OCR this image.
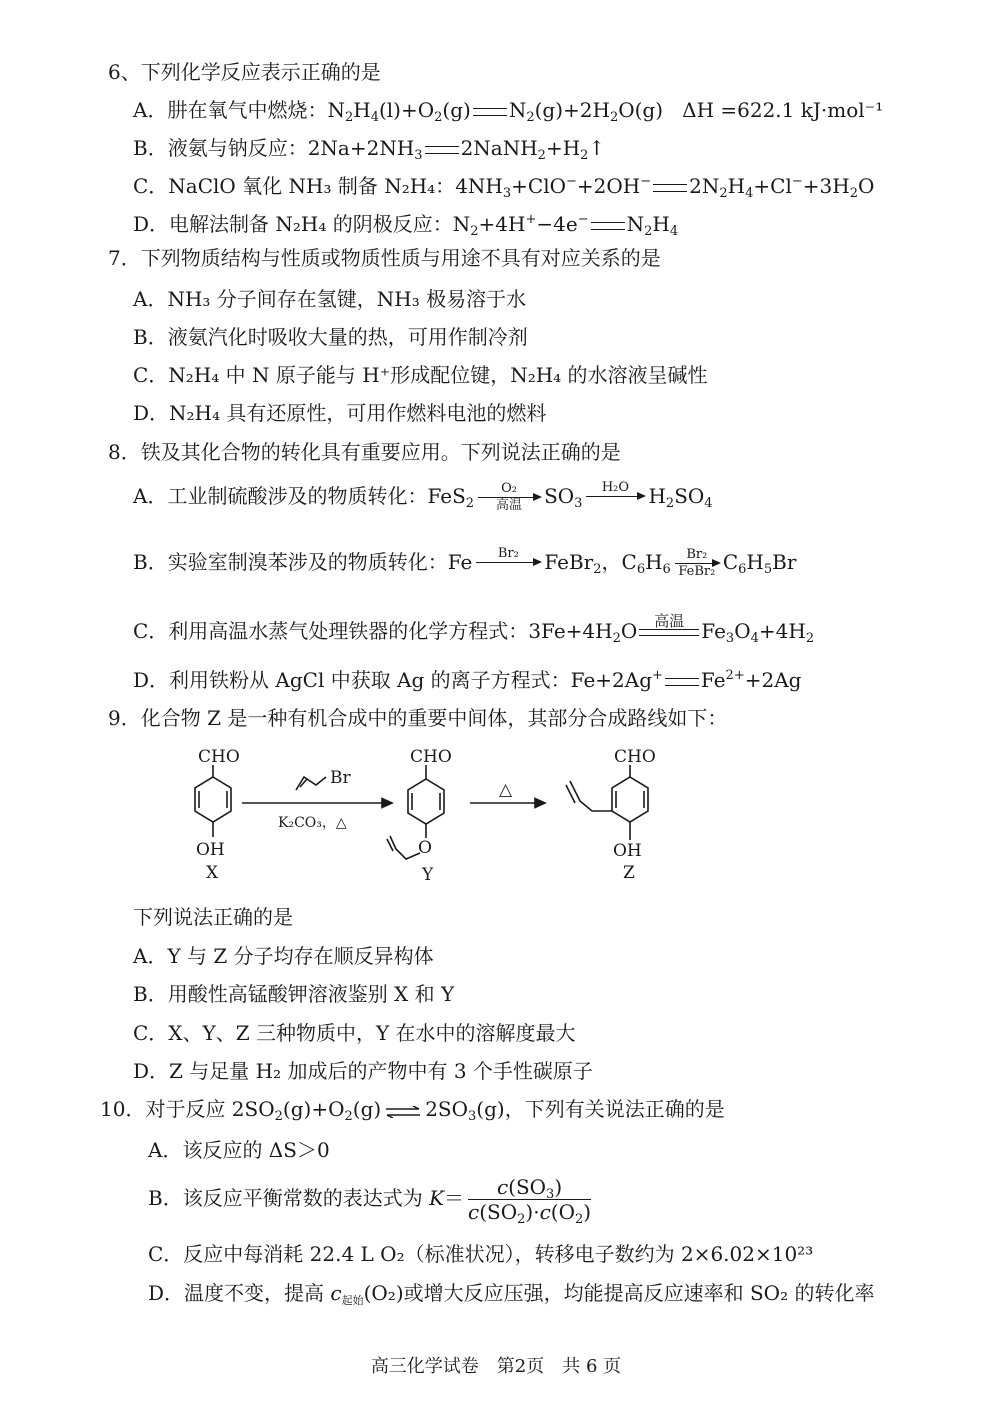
6、下列化学反应表示正确的是
A．肼在氧气中燃烧：$N_2H_4(l)+O_2(g)$ $N_2(g)+2H_2O(g)$   ΔH =622.1 kJ·mol⁻¹
B．液氨与钠反应：$2Na+2NH_3$ $2NaNH_2+H_2↑$
C．NaClO 氧化 NH₃ 制备 N₂H₄：$4NH_3+ClO^-+2OH^-$ $2N_2H_4+Cl^-+3H_2O$
D．电解法制备 N₂H₄ 的阴极反应：$N_2+4H^+-4e^-$ $N_2H_4$
7．下列物质结构与性质或物质性质与用途不具有对应关系的是
A．NH₃ 分子间存在氢键，NH₃ 极易溶于水
B．液氨汽化时吸收大量的热，可用作制冷剂
C．N₂H₄ 中 N 原子能与 H⁺形成配位键，N₂H₄ 的水溶液呈碱性
D．N₂H₄ 具有还原性，可用作燃料电池的燃料
8．铁及其化合物的转化具有重要应用。下列说法正确的是
A．工业制硫酸涉及的物质转化：FeS$_2$
O₂
高温	$SO_3$
H₂O $H_2SO_4$
B．实验室制溴苯涉及的物质转化：Fe	Br₂	FeBr$_2$，$C_6H_6$
Br₂
FeBr₂ $C_6H_5Br$
C．利用高温水蒸气处理铁器的化学方程式：$3Fe+4H_2O$	高温 $Fe_3O_4+4H_2$
D．利用铁粉从 AgCl 中获取 Ag 的离子方程式：Fe+2Ag+ $Fe^{2+}+2Ag$
9．化合物 Z 是一种有机合成中的重要中间体，其部分合成路线如下：
CHO
OH
X
Br
K₂CO₃，△
CHO
O
Y
△
CHO
OH
Z
下列说法正确的是
A．Y 与 Z 分子均存在顺反异构体
B．用酸性高锰酸钾溶液鉴别 X 和 Y
C．X、Y、Z 三种物质中，Y 在水中的溶解度最大
D．Z 与足量 H₂ 加成后的产物中有 3 个手性碳原子
10．对于反应 $2SO_2(g)+O_2(g)$ ⇌ $2SO_3(g)$，下列有关说法正确的是
A．该反应的 ΔS＞0
B．该反应平衡常数的表达式为 $K= \frac{c(SO_3)}{c(SO_2)\cdot c(O_2)}$
C．反应中每消耗 22.4 L O₂（标准状况），转移电子数约为 2×6.02×10²³
D．温度不变，提高 $c_{起始}(O_2)$或增大反应压强，均能提高反应速率和 SO₂ 的转化率
高三化学试卷　第2页　共 6 页
